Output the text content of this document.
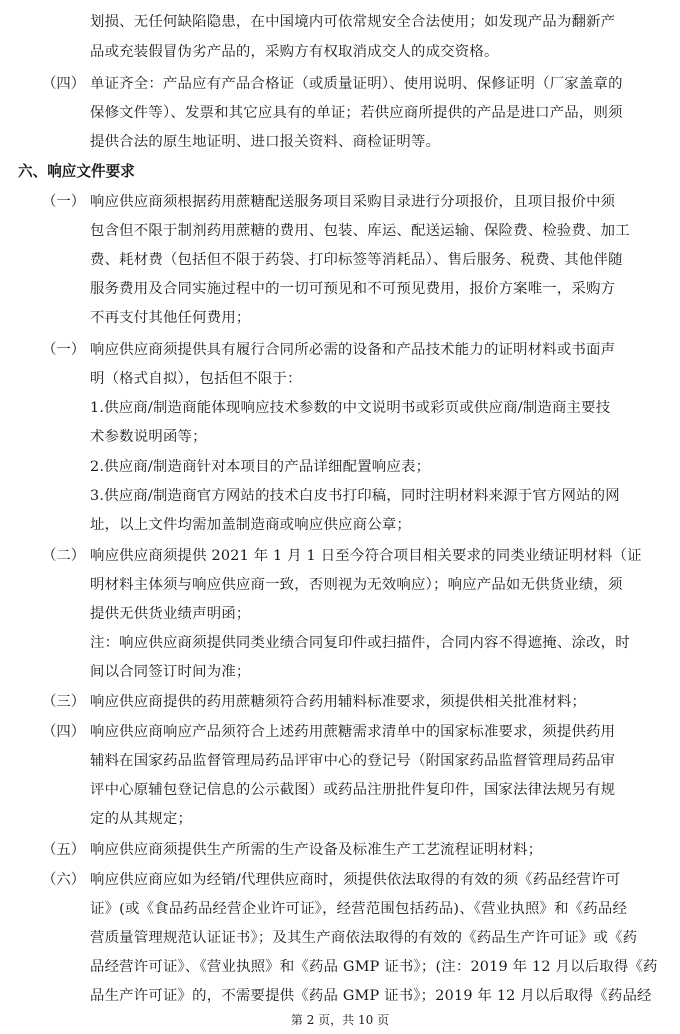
划损、无任何缺陷隐患，在中国境内可依常规安全合法使用；如发现产品为翻新产
品或充装假冒伪劣产品的，采购方有权取消成交人的成交资格。
（四） 单证齐全：产品应有产品合格证（或质量证明）、使用说明、保修证明（厂家盖章的
保修文件等）、发票和其它应具有的单证；若供应商所提供的产品是进口产品，则须
提供合法的原生地证明、进口报关资料、商检证明等。
六、响应文件要求
（一） 响应供应商须根据药用蔗糖配送服务项目采购目录进行分项报价，且项目报价中须
包含但不限于制剂药用蔗糖的费用、包装、库运、配送运输、保险费、检验费、加工
费、耗材费（包括但不限于药袋、打印标签等消耗品）、售后服务、税费、其他伴随
服务费用及合同实施过程中的一切可预见和不可预见费用，报价方案唯一，采购方
不再支付其他任何费用；
（一） 响应供应商须提供具有履行合同所必需的设备和产品技术能力的证明材料或书面声
明（格式自拟），包括但不限于：
1.供应商/制造商能体现响应技术参数的中文说明书或彩页或供应商/制造商主要技
术参数说明函等；
2.供应商/制造商针对本项目的产品详细配置响应表；
3.供应商/制造商官方网站的技术白皮书打印稿，同时注明材料来源于官方网站的网
址，以上文件均需加盖制造商或响应供应商公章；
（二） 响应供应商须提供 2021 年 1 月 1 日至今符合项目相关要求的同类业绩证明材料（证
明材料主体须与响应供应商一致，否则视为无效响应）；响应产品如无供货业绩，须
提供无供货业绩声明函；
注：响应供应商须提供同类业绩合同复印件或扫描件，合同内容不得遮掩、涂改，时
间以合同签订时间为准；
（三） 响应供应商提供的药用蔗糖须符合药用辅料标准要求，须提供相关批准材料；
（四） 响应供应商响应产品须符合上述药用蔗糖需求清单中的国家标准要求，须提供药用
辅料在国家药品监督管理局药品评审中心的登记号（附国家药品监督管理局药品审
评中心原辅包登记信息的公示截图）或药品注册批件复印件，国家法律法规另有规
定的从其规定；
（五） 响应供应商须提供生产所需的生产设备及标准生产工艺流程证明材料；
（六） 响应供应商应如为经销/代理供应商时，须提供依法取得的有效的须《药品经营许可
证》(或《食品药品经营企业许可证》，经营范围包括药品)、《营业执照》和《药品经
营质量管理规范认证证书》；及其生产商依法取得的有效的《药品生产许可证》或《药
品经营许可证》、《营业执照》和《药品 GMP 证书》；(注：2019 年 12 月以后取得《药
品生产许可证》的，不需要提供《药品 GMP 证书》；2019 年 12 月以后取得《药品经
第 2 页，共 10 页
